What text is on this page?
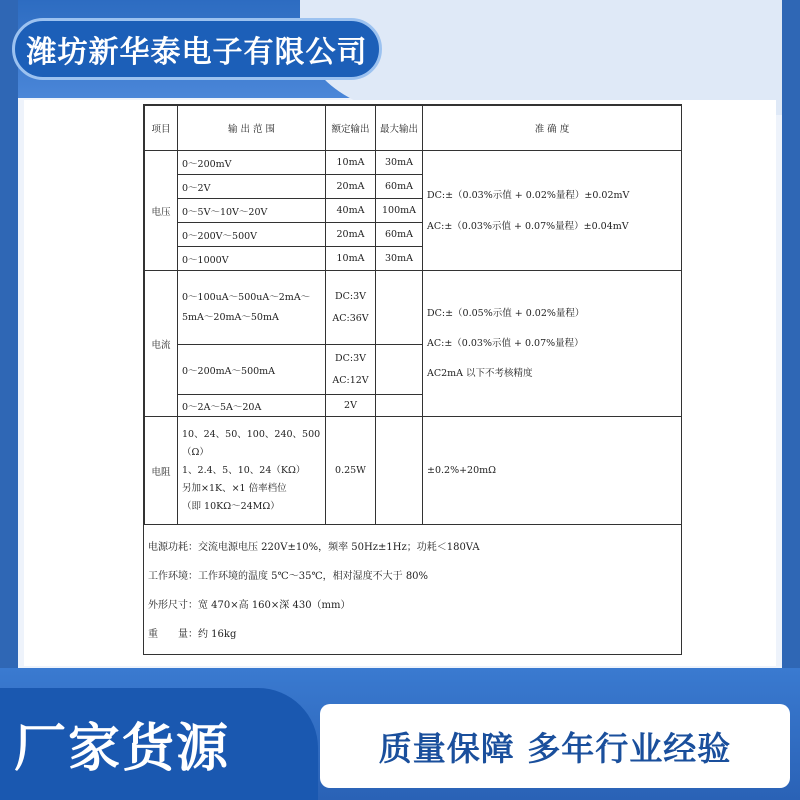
潍坊新华泰电子有限公司
项目	输 出 范 围	额定输出	最大输出	准 确 度
电压	0～200mV	10mA	30mA	DC:±（0.03%示值 + 0.02%量程）±0.02mV

AC:±（0.03%示值 + 0.07%量程）±0.04mV

	0～2V	20mA	60mA	
	0～5V～10V～20V	40mA	100mA	
	0～200V～500V	20mA	60mA	
	0～1000V	10mA	30mA	
电流	0～100uA～500uA～2mA～5mA～20mA～50mA	DC:3V AC:36V		DC:±（0.05%示值 + 0.02%量程）

AC:±（0.03%示值 + 0.07%量程）

AC2mA 以下不考核精度

	0～200mA～500mA	DC:3V AC:12V		
	0～2A～5A～20A	2V		
电阻	10、24、50、100、240、500（Ω）
1、2.4、5、10、24（KΩ）
另加×1K、×1 倍率档位
（即 10KΩ～24MΩ）	0.25W		±0.2%+20mΩ
电源功耗：交流电源电压 220V±10%，频率 50Hz±1Hz；功耗＜180VA
工作环境：工作环境的温度 5℃～35℃，相对湿度不大于 80%
外形尺寸：宽 470×高 160×深 430（mm）
重　　量：约 16kg
厂家货源	质量保障 多年行业经验
